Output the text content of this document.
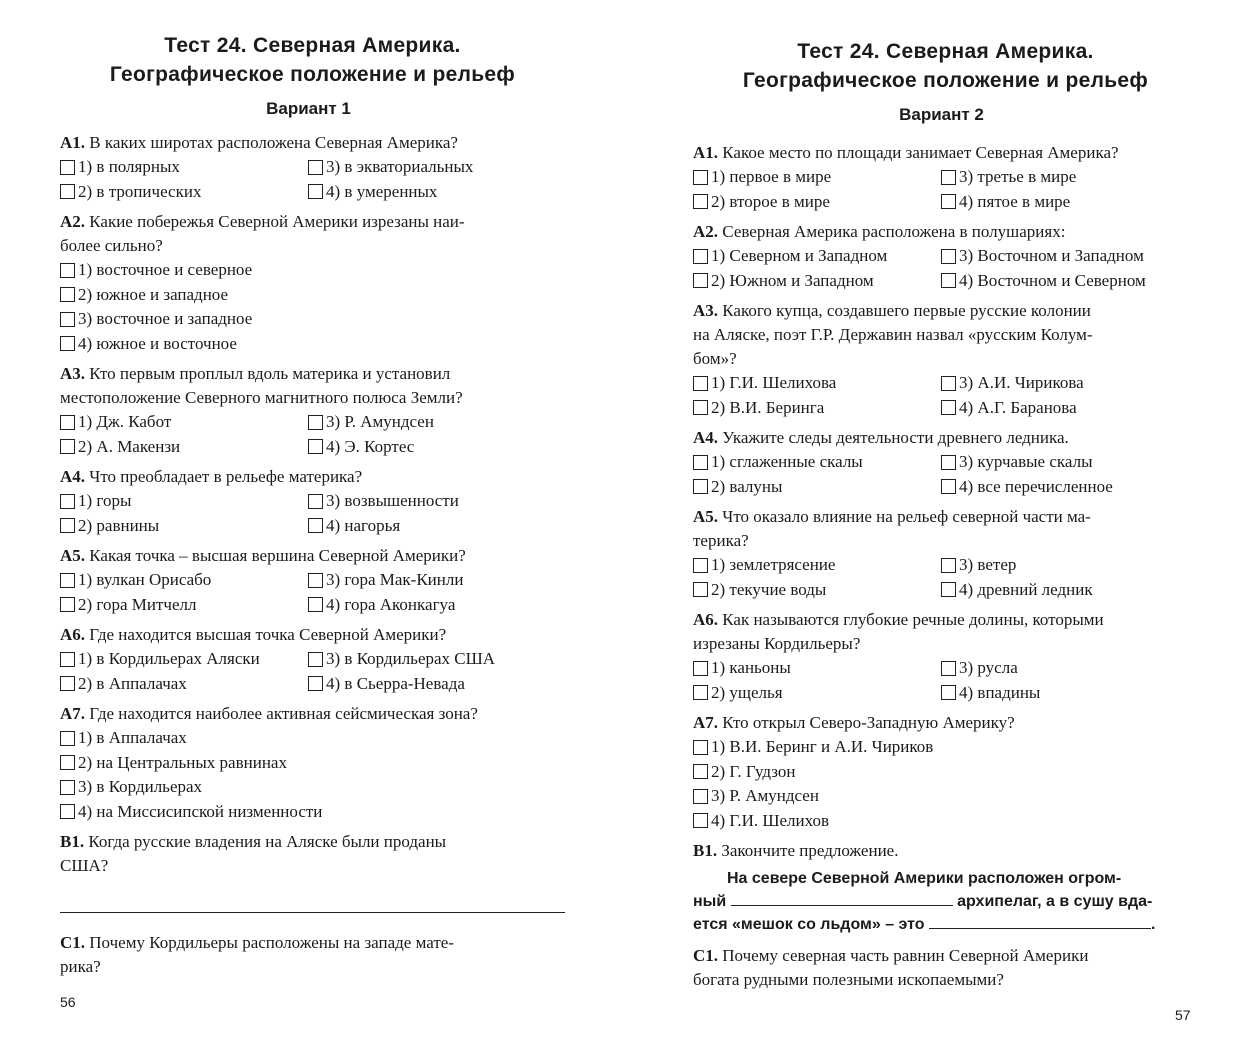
Тест 24. Северная Америка.
Географическое положение и рельеф
Вариант 1
А1. В каких широтах расположена Северная Америка?
1) в полярных	3) в экваториальных
2) в тропических	4) в умеренных
А2. Какие побережья Северной Америки изрезаны наи-
более сильно?
1) восточное и северное
2) южное и западное
3) восточное и западное
4) южное и восточное
А3. Кто первым проплыл вдоль материка и установил
местоположение Северного магнитного полюса Земли?
1) Дж. Кабот	3) Р. Амундсен
2) А. Макензи	4) Э. Кортес
А4. Что преобладает в рельефе материка?
1) горы	3) возвышенности
2) равнины	4) нагорья
А5. Какая точка – высшая вершина Северной Америки?
1) вулкан Орисабо	3) гора Мак-Кинли
2) гора Митчелл	4) гора Аконкагуа
А6. Где находится высшая точка Северной Америки?
1) в Кордильерах Аляски	3) в Кордильерах США
2) в Аппалачах	4) в Сьерра-Невада
А7. Где находится наиболее активная сейсмическая зона?
1) в Аппалачах
2) на Центральных равнинах
3) в Кордильерах
4) на Миссисипской низменности
В1. Когда русские владения на Аляске были проданы
США?
С1. Почему Кордильеры расположены на западе мате-
рика?
56
Тест 24. Северная Америка.
Географическое положение и рельеф
Вариант 2
А1. Какое место по площади занимает Северная Америка?
1) первое в мире	3) третье в мире
2) второе в мире	4) пятое в мире
А2. Северная Америка расположена в полушариях:
1) Северном и Западном	3) Восточном и Западном
2) Южном и Западном	4) Восточном и Северном
А3. Какого купца, создавшего первые русские колонии
на Аляске, поэт Г.Р. Державин назвал «русским Колум-
бом»?
1) Г.И. Шелихова	3) А.И. Чирикова
2) В.И. Беринга	4) А.Г. Баранова
А4. Укажите следы деятельности древнего ледника.
1) сглаженные скалы	3) курчавые скалы
2) валуны	4) все перечисленное
А5. Что оказало влияние на рельеф северной части ма-
терика?
1) землетрясение	3) ветер
2) текучие воды	4) древний ледник
А6. Как называются глубокие речные долины, которыми
изрезаны Кордильеры?
1) каньоны	3) русла
2) ущелья	4) впадины
А7. Кто открыл Северо-Западную Америку?
1) В.И. Беринг и А.И. Чириков
2) Г. Гудзон
3) Р. Амундсен
4) Г.И. Шелихов
В1. Закончите предложение.
На севере Северной Америки расположен огром-
ный	архипелаг, а в сушу вда-
ется «мешок со льдом» – это	.
С1. Почему северная часть равнин Северной Америки
богата рудными полезными ископаемыми?
57
